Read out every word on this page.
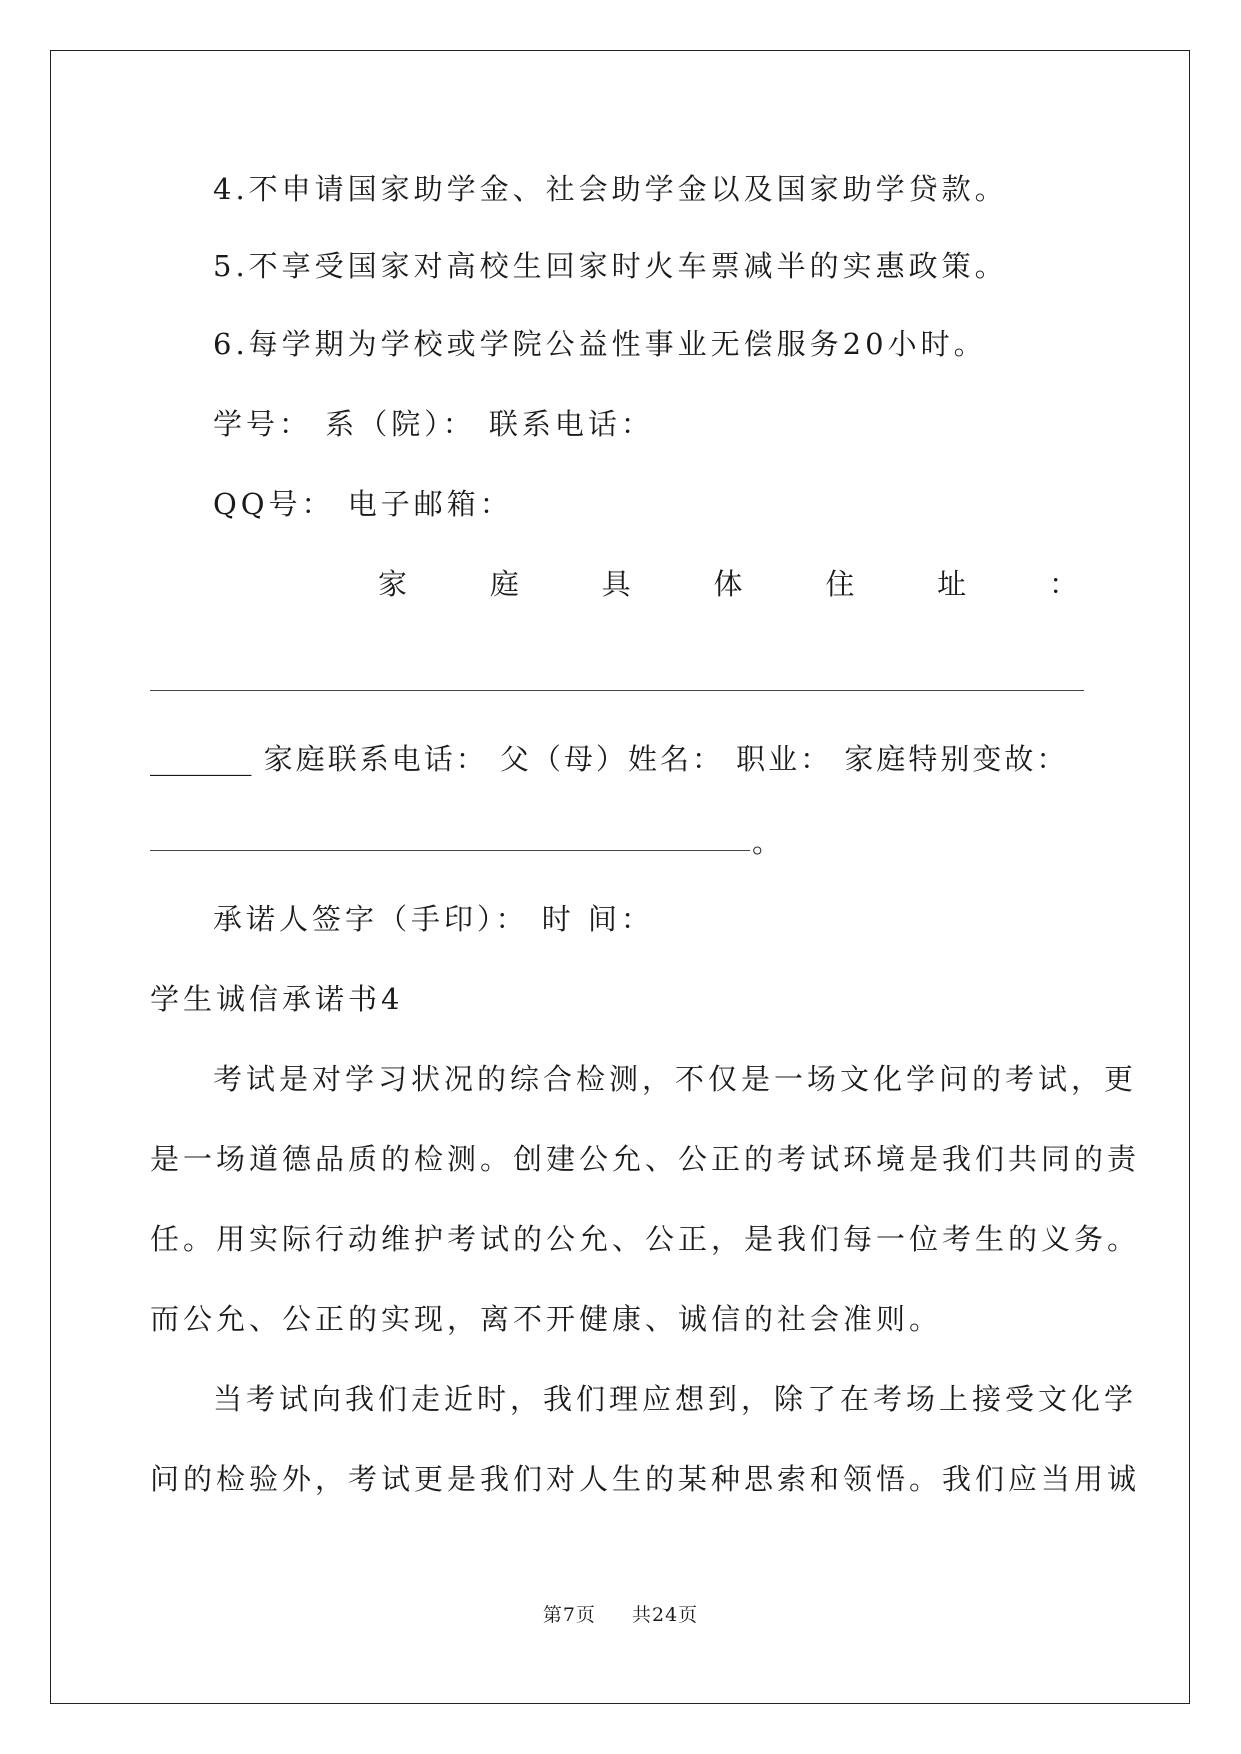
4.不申请国家助学金、社会助学金以及国家助学贷款。
5.不享受国家对高校生回家时火车票减半的实惠政策。
6.每学期为学校或学院公益性事业无偿服务20小时。
学号： 系（院）： 联系电话：
QQ号： 电子邮箱：
家	庭	具	体	住	址	：
_______ 家庭联系电话： 父（母）姓名： 职业： 家庭特别变故：
。
承诺人签字（手印）： 时 间：
学生诚信承诺书4
考试是对学习状况的综合检测，不仅是一场文化学问的考试，更
是一场道德品质的检测。创建公允、公正的考试环境是我们共同的责
任。用实际行动维护考试的公允、公正，是我们每一位考生的义务。
而公允、公正的实现，离不开健康、诚信的社会准则。
当考试向我们走近时，我们理应想到，除了在考场上接受文化学
问的检验外，考试更是我们对人生的某种思索和领悟。我们应当用诚
第7页 共24页
